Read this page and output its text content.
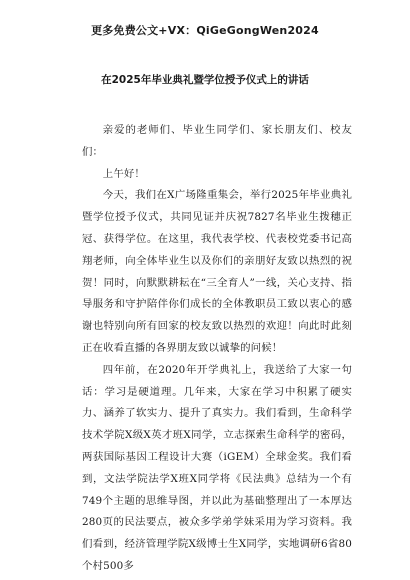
更多免费公文+VX：QiGeGongWen2024
在2025年毕业典礼暨学位授予仪式上的讲话

亲爱的老师们、毕业生同学们、家长朋友们、校友们：

上午好！

今天，我们在X广场隆重集会，举行2025年毕业典礼暨学位授予仪式，共同见证并庆祝7827名毕业生拨穗正冠、获得学位。在这里，我代表学校、代表校党委书记高翔老师，向全体毕业生以及你们的亲朋好友致以热烈的祝贺！同时，向默默耕耘在“三全育人”一线，关心支持、指导服务和守护陪伴你们成长的全体教职员工致以衷心的感谢也特别向所有回家的校友致以热烈的欢迎！向此时此刻正在收看直播的各界朋友致以诚挚的问候！

四年前，在2020年开学典礼上，我送给了大家一句话：学习是硬道理。几年来，大家在学习中积累了硬实力、涵养了软实力、提升了真实力。我们看到，生命科学技术学院X级X英才班X同学，立志探索生命科学的密码，两获国际基因工程设计大赛（iGEM）全球金奖。我们看到，文法学院法学X班X同学将《民法典》总结为一个有749个主题的思维导图，并以此为基础整理出了一本厚达280页的民法要点，被众多学弟学妹采用为学习资料。我们看到，经济管理学院X级博士生X同学，实地调研6省80个村500多
